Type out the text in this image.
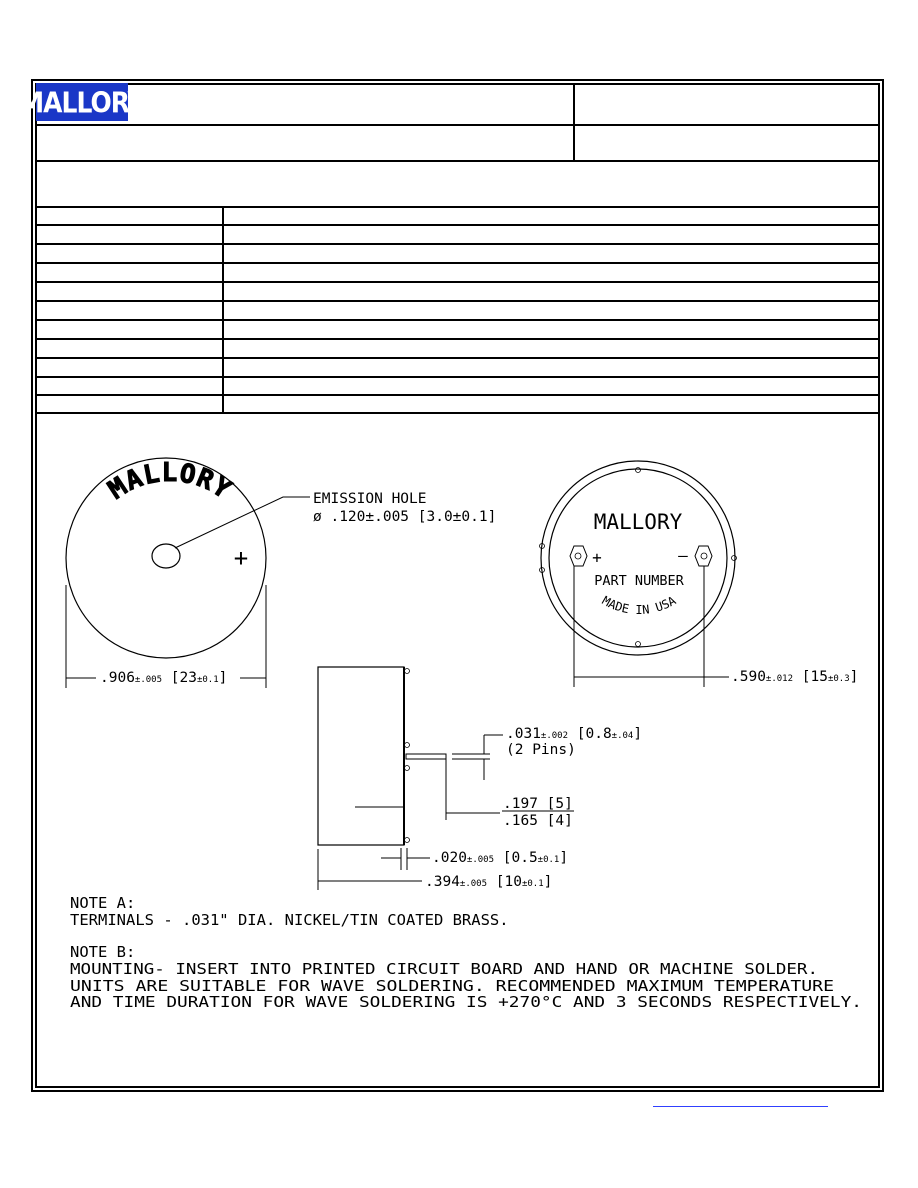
MALLORY
MALLORY
+
EMISSION HOLE
ø .120±.005 [3.0±0.1]
.906±.005 [23±0.1]
MALLORY
+	–
PART NUMBER
MADE IN USA
.590±.012 [15±0.3]
.031±.002 [0.8±.04]
(2 Pins)
.197 [5]
.165 [4]
.020±.005 [0.5±0.1]
.394±.005 [10±0.1]
NOTE A:
TERMINALS - .031" DIA. NICKEL/TIN COATED BRASS.
NOTE B:
MOUNTING- INSERT INTO PRINTED CIRCUIT BOARD AND HAND OR MACHINE SOLDER.
UNITS ARE SUITABLE FOR WAVE SOLDERING. RECOMMENDED MAXIMUM TEMPERATURE
AND TIME DURATION FOR WAVE SOLDERING IS +270°C AND 3 SECONDS RESPECTIVELY.
